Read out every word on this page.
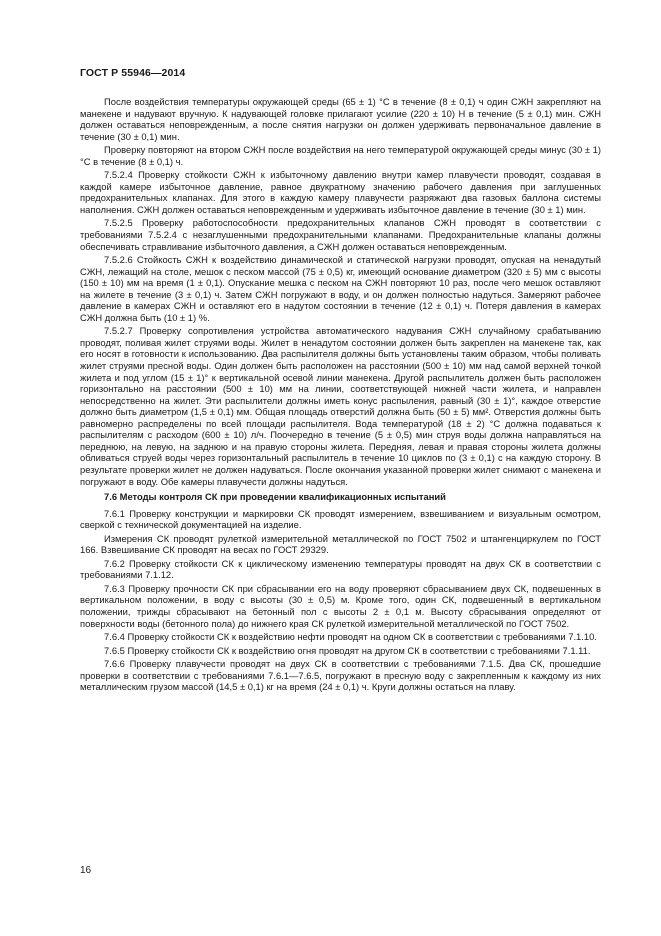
ГОСТ Р 55946—2014

После воздействия температуры окружающей среды (65 ± 1) °С в течение (8 ± 0,1) ч один СЖН закрепляют на манекене и надувают вручную. К надувающей головке прилагают усилие (220 ± 10) Н в течение (5 ± 0,1) мин. СЖН должен оставаться неповрежденным, а после снятия нагрузки он должен удерживать первоначальное давление в течение (30 ± 0,1) мин.

Проверку повторяют на втором СЖН после воздействия на него температурой окружающей среды минус (30 ± 1) °С в течение (8 ± 0,1) ч.

7.5.2.4 Проверку стойкости СЖН к избыточному давлению внутри камер плавучести проводят, создавая в каждой камере избыточное давление, равное двукратному значению рабочего давления при заглушенных предохранительных клапанах. Для этого в каждую камеру плавучести разряжают два газовых баллона системы наполнения. СЖН должен оставаться неповрежденным и удерживать избыточное давление в течение (30 ± 1) мин.

7.5.2.5 Проверку работоспособности предохранительных клапанов СЖН проводят в соответствии с требованиями 7.5.2.4 с незаглушенными предохранительными клапанами. Предохранительные клапаны должны обеспечивать стравливание избыточного давления, а СЖН должен оставаться неповрежденным.

7.5.2.6 Стойкость СЖН к воздействию динамической и статической нагрузки проводят, опуская на ненадутый СЖН, лежащий на столе, мешок с песком массой (75 ± 0,5) кг, имеющий основание диаметром (320 ± 5) мм с высоты (150 ± 10) мм на время (1 ± 0,1). Опускание мешка с песком на СЖН повторяют 10 раз, после чего мешок оставляют на жилете в течение (3 ± 0,1) ч. Затем СЖН погружают в воду, и он должен полностью надуться. Замеряют рабочее давление в камерах СЖН и оставляют его в надутом состоянии в течение (12 ± 0,1) ч. Потеря давления в камерах СЖН должна быть (10 ± 1) %.

7.5.2.7 Проверку сопротивления устройства автоматического надувания СЖН случайному срабатыванию проводят, поливая жилет струями воды. Жилет в ненадутом состоянии должен быть закреплен на манекене так, как его носят в готовности к использованию. Два распылителя должны быть установлены таким образом, чтобы поливать жилет струями пресной воды. Один должен быть расположен на расстоянии (500 ± 10) мм над самой верхней точкой жилета и под углом (15 ± 1)° к вертикальной осевой линии манекена. Другой распылитель должен быть расположен горизонтально на расстоянии (500 ± 10) мм на линии, соответствующей нижней части жилета, и направлен непосредственно на жилет. Эти распылители должны иметь конус распыления, равный (30 ± 1)°, каждое отверстие должно быть диаметром (1,5 ± 0,1) мм. Общая площадь отверстий должна быть (50 ± 5) мм². Отверстия должны быть равномерно распределены по всей площади распылителя. Вода температурой (18 ± 2) °С должна подаваться к распылителям с расходом (600 ± 10) л/ч. Поочередно в течение (5 ± 0,5) мин струя воды должна направляться на переднюю, на левую, на заднюю и на правую стороны жилета. Передняя, левая и правая стороны жилета должны обливаться струей воды через горизонтальный распылитель в течение 10 циклов по (3 ± 0,1) с на каждую сторону. В результате проверки жилет не должен надуваться. После окончания указанной проверки жилет снимают с манекена и погружают в воду. Обе камеры плавучести должны надуться.

7.6 Методы контроля СК при проведении квалификационных испытаний

7.6.1 Проверку конструкции и маркировки СК проводят измерением, взвешиванием и визуальным осмотром, сверкой с технической документацией на изделие.

Измерения СК проводят рулеткой измерительной металлической по ГОСТ 7502 и штангенциркулем по ГОСТ 166. Взвешивание СК проводят на весах по ГОСТ 29329.

7.6.2 Проверку стойкости СК к циклическому изменению температуры проводят на двух СК в соответствии с требованиями 7.1.12.

7.6.3 Проверку прочности СК при сбрасывании его на воду проверяют сбрасыванием двух СК, подвешенных в вертикальном положении, в воду с высоты (30 ± 0,5) м. Кроме того, один СК, подвешенный в вертикальном положении, трижды сбрасывают на бетонный пол с высоты 2 ± 0,1 м. Высоту сбрасывания определяют от поверхности воды (бетонного пола) до нижнего края СК рулеткой измерительной металлической по ГОСТ 7502.

7.6.4 Проверку стойкости СК к воздействию нефти проводят на одном СК в соответствии с требованиями 7.1.10.

7.6.5 Проверку стойкости СК к воздействию огня проводят на другом СК в соответствии с требованиями 7.1.11.

7.6.6 Проверку плавучести проводят на двух СК в соответствии с требованиями 7.1.5. Два СК, прошедшие проверки в соответствии с требованиями 7.6.1—7.6.5, погружают в пресную воду с закрепленным к каждому из них металлическим грузом массой (14,5 ± 0,1) кг на время (24 ± 0,1) ч. Круги должны остаться на плаву.

16
